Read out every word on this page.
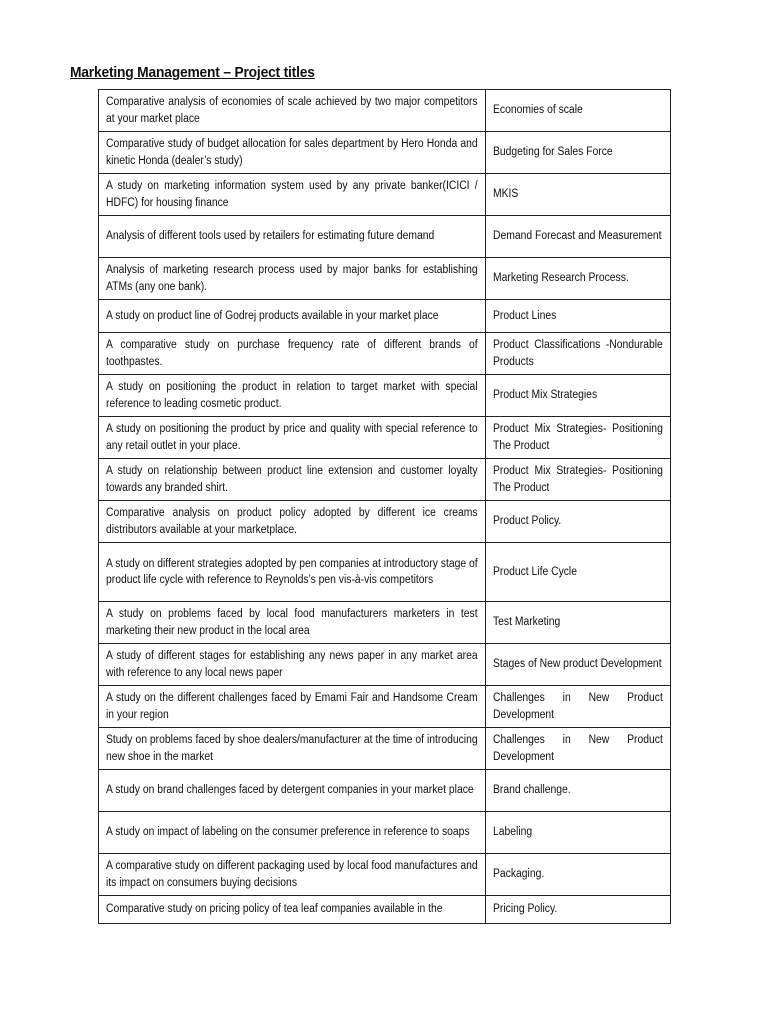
Marketing Management – Project titles
Comparative analysis of economies of scale achieved by two major competitors at your market place	Economies of scale

Comparative study of budget allocation for sales department by Hero Honda and kinetic Honda (dealer’s study)	Budgeting for Sales Force

A study on marketing information system used by any private banker(ICICI / HDFC) for housing finance	MKIS

Analysis of different tools used by retailers for estimating future demand	Demand Forecast and Measurement

Analysis of marketing research process used by major banks for establishing ATMs (any one bank).	Marketing Research Process.

A study on product line of Godrej products available in your market place	Product Lines

A comparative study on purchase frequency rate of different brands of toothpastes.	Product Classifications -Nondurable Products

A study on positioning the product in relation to target market with special reference to leading cosmetic product.	Product Mix Strategies

A study on positioning the product by price and quality with special reference to any retail outlet in your place.	Product Mix Strategies- Positioning The Product

A study on relationship between product line extension and customer loyalty towards any branded shirt.	Product Mix Strategies- Positioning The Product

Comparative analysis on product policy adopted by different ice creams distributors available at your marketplace.	Product Policy.

A study on different strategies adopted by pen companies at introductory stage of product life cycle with reference to Reynolds’s pen vis-à-vis competitors	Product Life Cycle

A study on problems faced by local food manufacturers marketers in test marketing their new product in the local area	Test Marketing

A study of different stages for establishing any news paper in any market area with reference to any local news paper	Stages of New product Development

A study on the different challenges faced by Emami Fair and Handsome Cream in your region	Challenges in New Product Development

Study on problems faced by shoe dealers/manufacturer at the time of introducing new shoe in the market	Challenges in New Product Development

A study on brand challenges faced by detergent companies in your market place	Brand challenge.

A study on impact of labeling on the consumer preference in reference to soaps	Labeling

A comparative study on different packaging used by local food manufactures and its impact on consumers buying decisions	Packaging.

Comparative study on pricing policy of tea leaf companies available in the	Pricing Policy.
